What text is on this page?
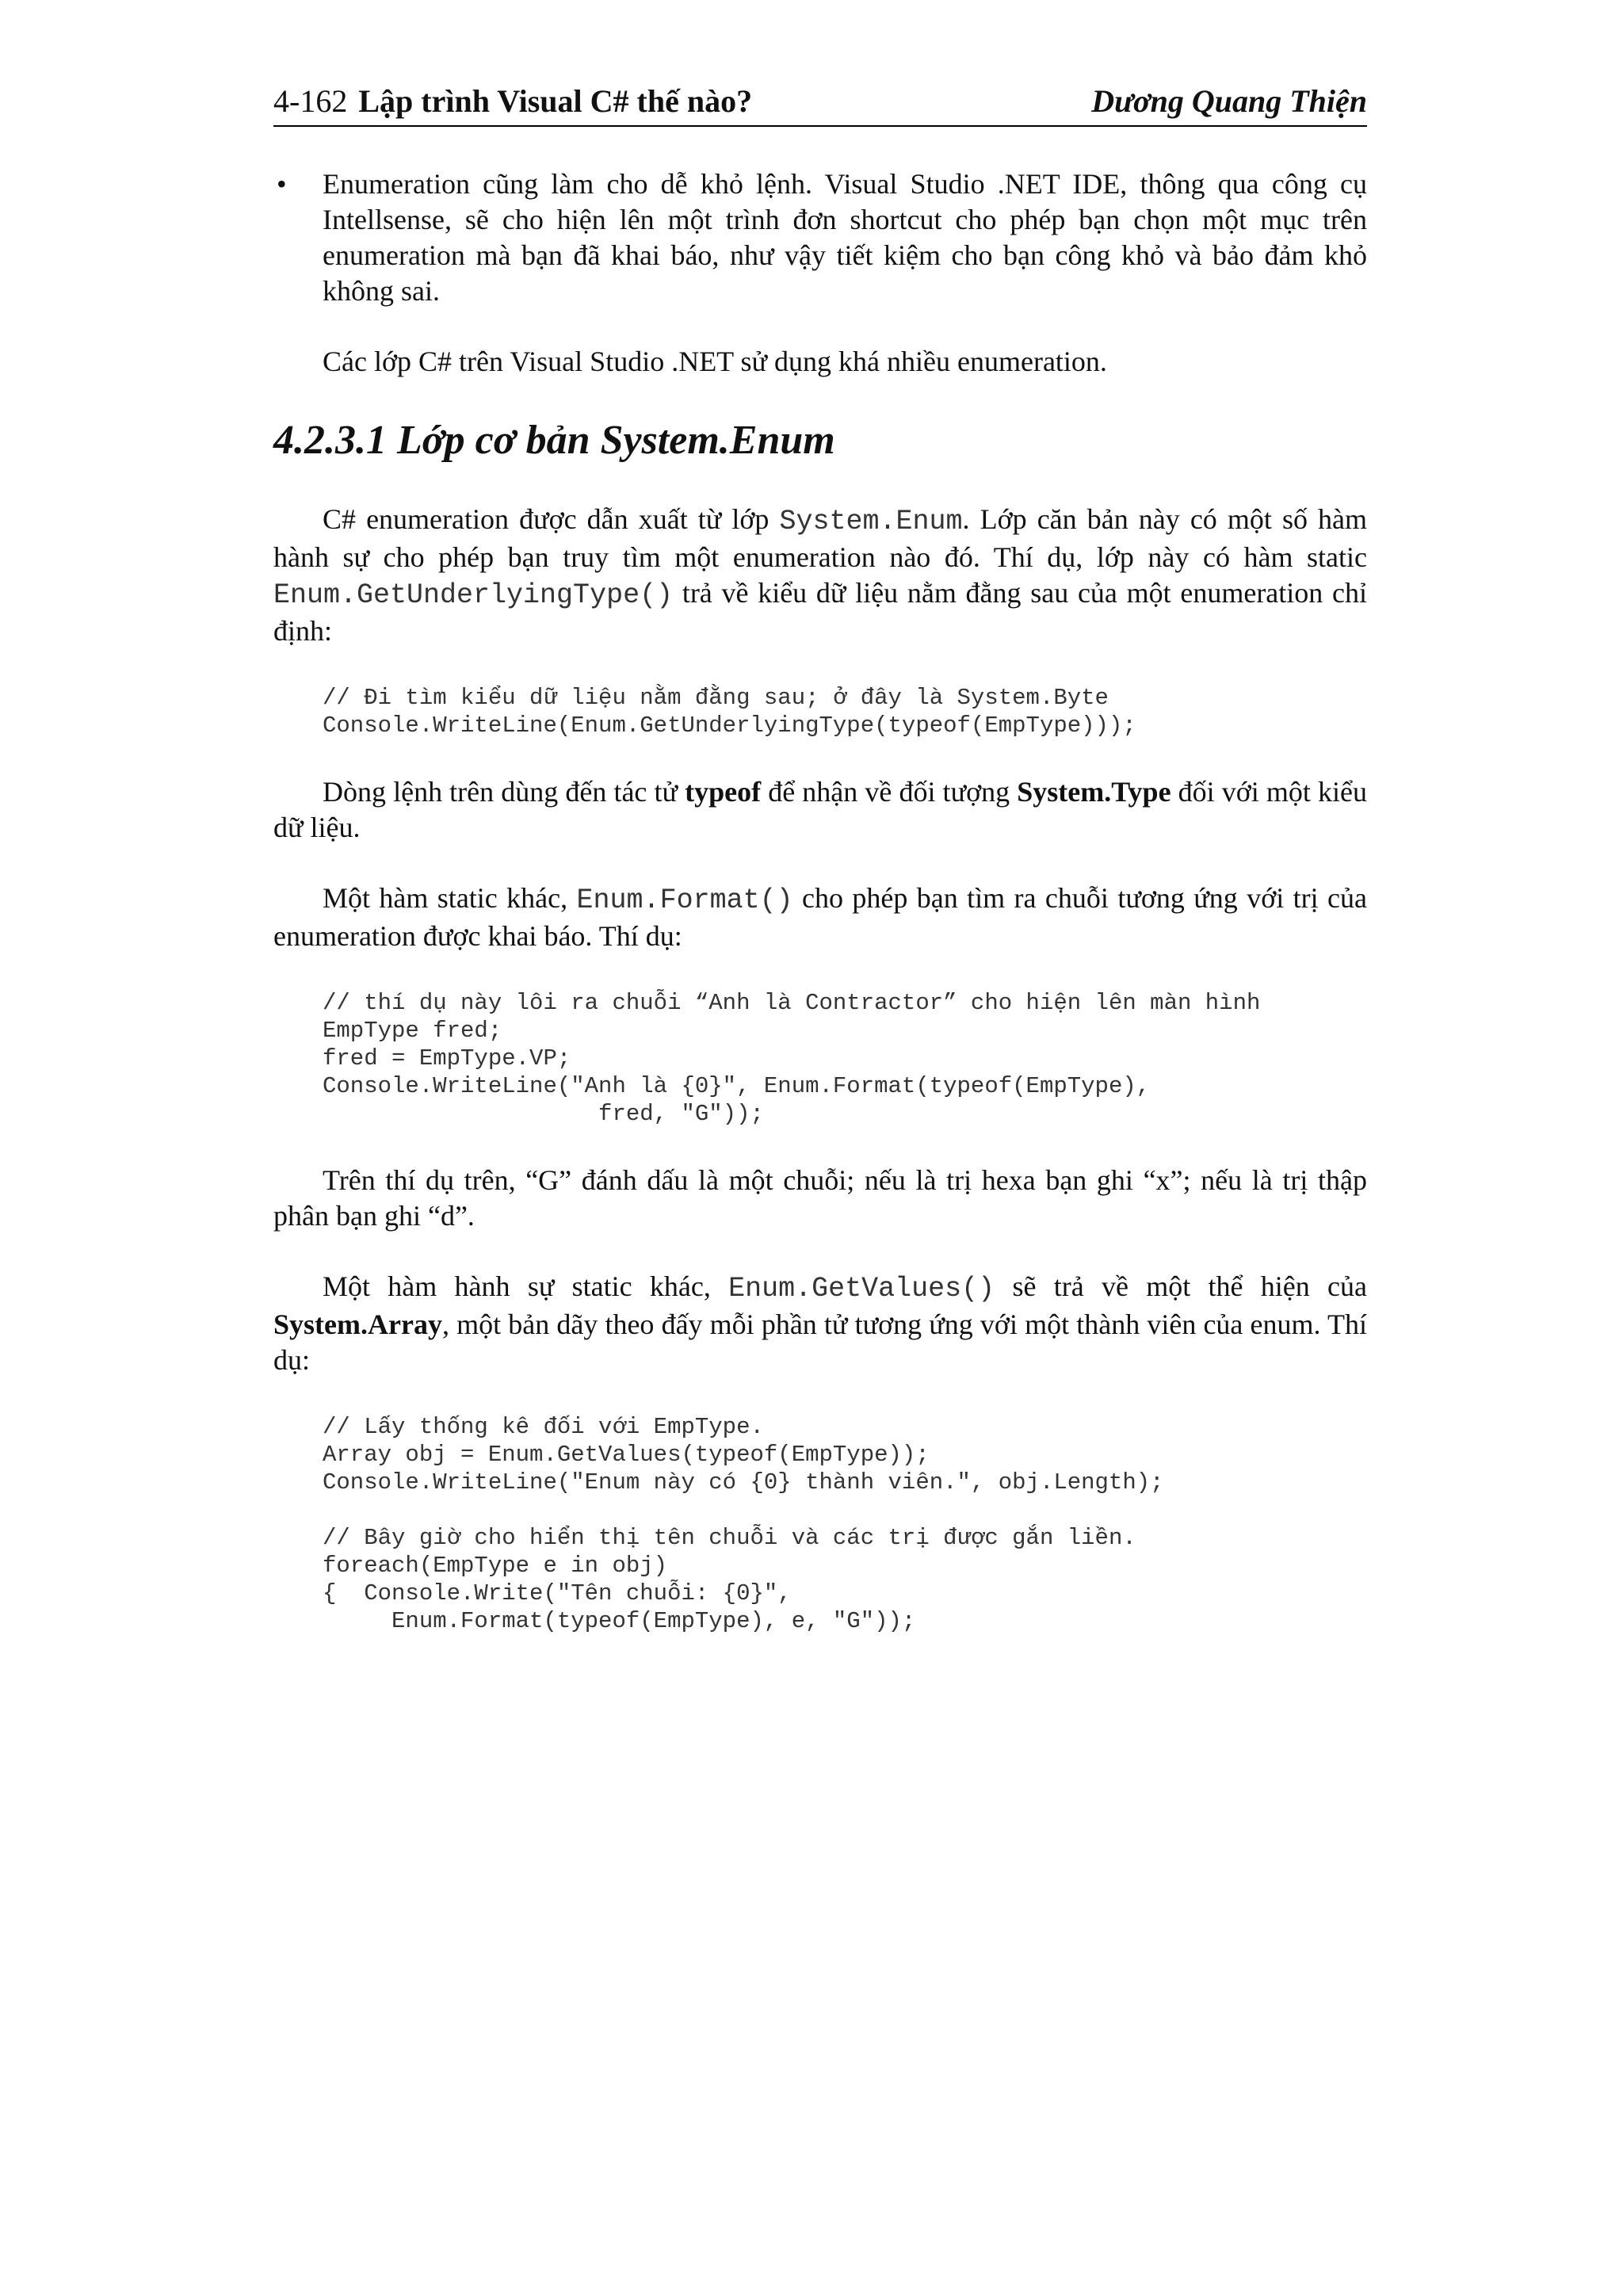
4-162 Lập trình Visual C# thế nào?	Dương Quang Thiện
• Enumeration cũng làm cho dễ khỏ lệnh. Visual Studio .NET IDE, thông qua công cụ Intellsense, sẽ cho hiện lên một trình đơn shortcut cho phép bạn chọn một mục trên enumeration mà bạn đã khai báo, như vậy tiết kiệm cho bạn công khỏ và bảo đảm khỏ không sai.

Các lớp C# trên Visual Studio .NET sử dụng khá nhiều enumeration.

4.2.3.1 Lớp cơ bản System.Enum

C# enumeration được dẫn xuất từ lớp System.Enum. Lớp căn bản này có một số hàm hành sự cho phép bạn truy tìm một enumeration nào đó. Thí dụ, lớp này có hàm static Enum.GetUnderlyingType() trả về kiểu dữ liệu nằm đằng sau của một enumeration chỉ định:

// Đi tìm kiểu dữ liệu nằm đằng sau; ở đây là System.Byte
Console.WriteLine(Enum.GetUnderlyingType(typeof(EmpType)));

Dòng lệnh trên dùng đến tác tử typeof để nhận về đối tượng System.Type đối với một kiểu dữ liệu.

Một hàm static khác, Enum.Format() cho phép bạn tìm ra chuỗi tương ứng với trị của enumeration được khai báo. Thí dụ:

// thí dụ này lôi ra chuỗi “Anh là Contractor” cho hiện lên màn hình
EmpType fred;
fred = EmpType.VP;
Console.WriteLine("Anh là {0}", Enum.Format(typeof(EmpType),
fred, "G"));

Trên thí dụ trên, “G” đánh dấu là một chuỗi; nếu là trị hexa bạn ghi “x”; nếu là trị thập phân bạn ghi “d”.

Một hàm hành sự static khác, Enum.GetValues() sẽ trả về một thể hiện của System.Array, một bản dãy theo đấy mỗi phần tử tương ứng với một thành viên của enum. Thí dụ:

// Lấy thống kê đối với EmpType.
Array obj = Enum.GetValues(typeof(EmpType));
Console.WriteLine("Enum này có {0} thành viên.", obj.Length);

// Bây giờ cho hiển thị tên chuỗi và các trị được gắn liền.
foreach(EmpType e in obj)
{  Console.Write("Tên chuỗi: {0}",
Enum.Format(typeof(EmpType), e, "G"));
